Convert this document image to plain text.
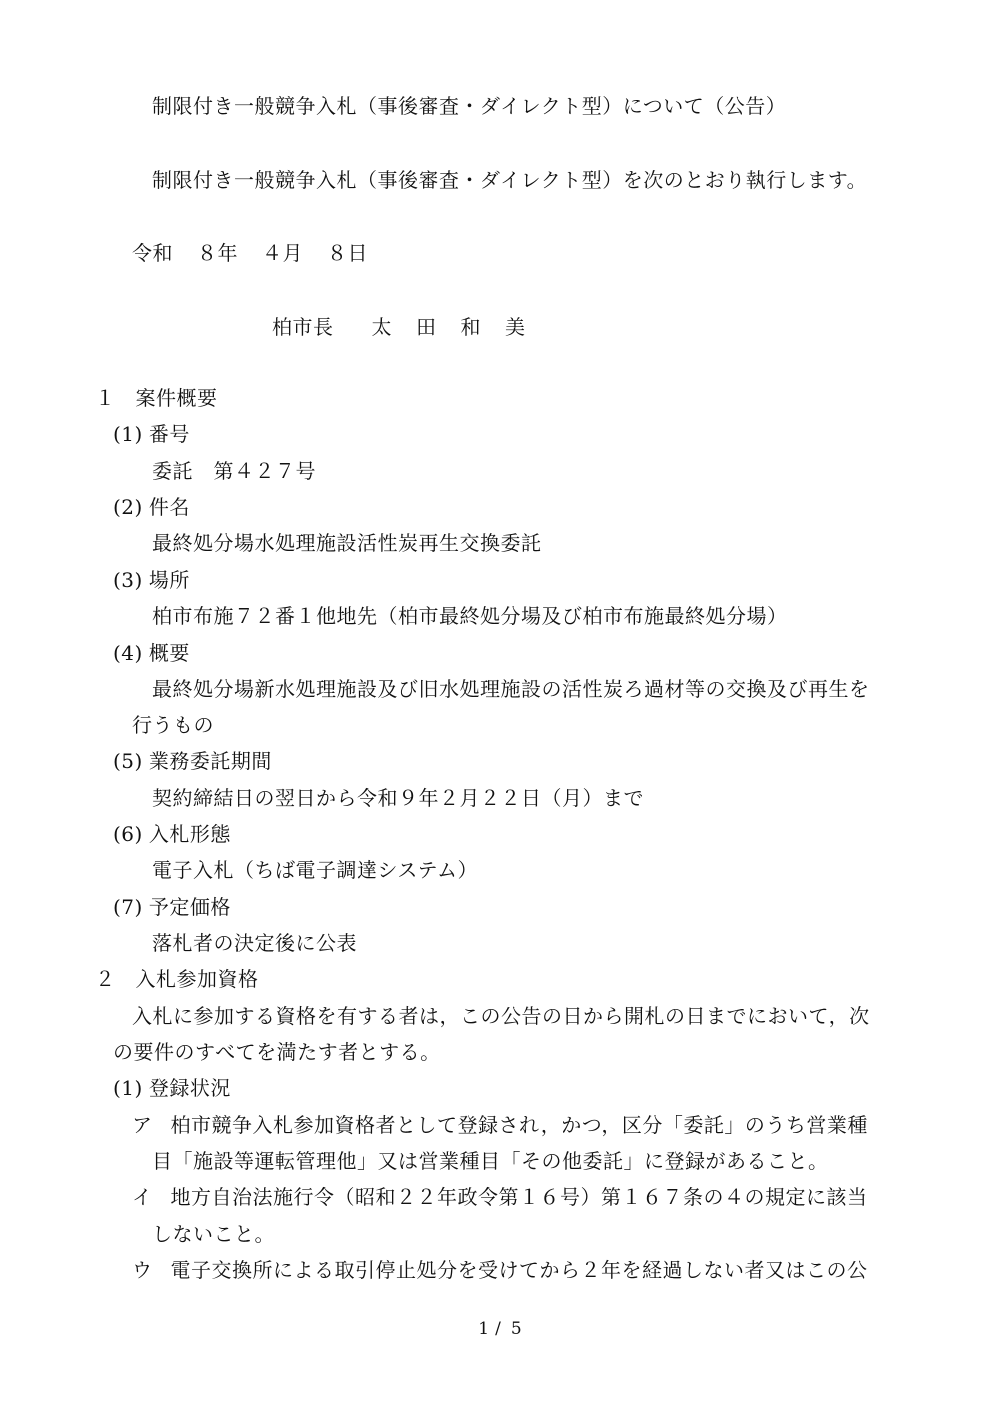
制限付き一般競争入札（事後審査・ダイレクト型）について（公告）
制限付き一般競争入札（事後審査・ダイレクト型）を次のとおり執行します。
令和 ８年 ４月 ８日
柏市長 太 田 和 美
１ 案件概要
(1) 番号
委託　第４２７号
(2) 件名
最終処分場水処理施設活性炭再生交換委託
(3) 場所
柏市布施７２番１他地先（柏市最終処分場及び柏市布施最終処分場）
(4) 概要
最終処分場新水処理施設及び旧水処理施設の活性炭ろ過材等の交換及び再生を
行うもの
(5) 業務委託期間
契約締結日の翌日から令和９年２月２２日（月）まで
(6) 入札形態
電子入札（ちば電子調達システム）
(7) 予定価格
落札者の決定後に公表
２ 入札参加資格
入札に参加する資格を有する者は，この公告の日から開札の日までにおいて，次
の要件のすべてを満たす者とする。
(1) 登録状況
ア 柏市競争入札参加資格者として登録され，かつ，区分「委託」のうち営業種
目「施設等運転管理他」又は営業種目「その他委託」に登録があること。
イ 地方自治法施行令（昭和２２年政令第１６号）第１６７条の４の規定に該当
しないこと。
ウ 電子交換所による取引停止処分を受けてから２年を経過しない者又はこの公
1 / 5
